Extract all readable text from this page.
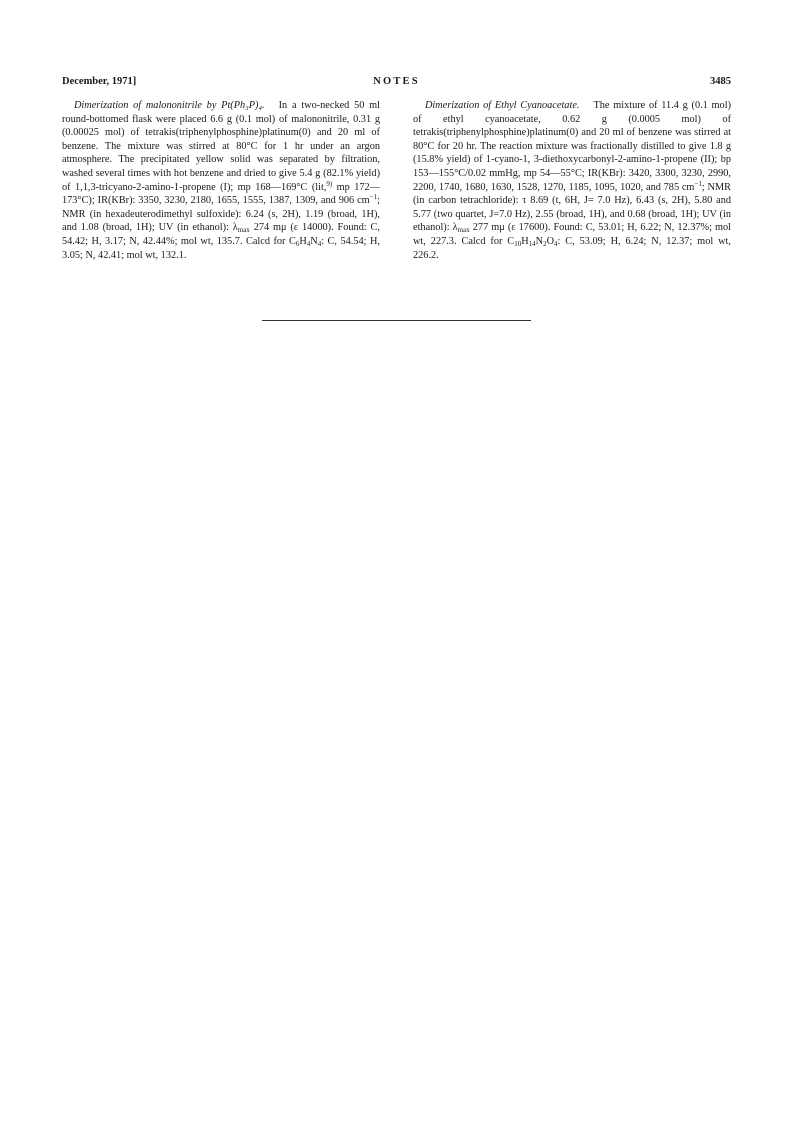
December, 1971]	NOTES	3485

Dimerization of malononitrile by Pt(Ph₃P)₄. In a two-necked 50 ml round-bottomed flask were placed 6.6 g (0.1 mol) of malononitrile, 0.31 g (0.00025 mol) of tetrakis(triphenylphosphine)platinum(0) and 20 ml of benzene. The mixture was stirred at 80°C for 1 hr under an argon atmosphere. The precipitated yellow solid was separated by filtration, washed several times with hot benzene and dried to give 5.4 g (82.1% yield) of 1,1,3-tricyano-2-amino-1-propene (I); mp 168—169°C (lit,$^{9)}$ mp 172—173°C); IR(KBr): 3350, 3230, 2180, 1655, 1555, 1387, 1309, and 906 $cm^{-1}$; NMR (in hexadeuterodimethyl sulfoxide): 6.24 (s, 2H), 1.19 (broad, 1H), and 1.08 (broad, 1H); UV (in ethanol): $\lambda_{max}$ 274 mμ (ε 14000). Found: C, 54.42; H, 3.17; N, 42.44%; mol wt, 135.7. Calcd for $C_6H_4N_4$: C, 54.54; H, 3.05; N, 42.41; mol wt, 132.1.

Dimerization of Ethyl Cyanoacetate. The mixture of 11.4 g (0.1 mol) of ethyl cyanoacetate, 0.62 g (0.0005 mol) of tetrakis(triphenylphosphine)platinum(0) and 20 ml of benzene was stirred at 80°C for 20 hr. The reaction mixture was fractionally distilled to give 1.8 g (15.8% yield) of 1-cyano-1, 3-diethoxycarbonyl-2-amino-1-propene (II); bp 153—155°C/0.02 mmHg, mp 54—55°C; IR(KBr): 3420, 3300, 3230, 2990, 2200, 1740, 1680, 1630, 1528, 1270, 1185, 1095, 1020, and 785 $cm^{-1}$; NMR (in carbon tetrachloride): τ 8.69 (t, 6H, J= 7.0 Hz), 6.43 (s, 2H), 5.80 and 5.77 (two quartet, J=7.0 Hz), 2.55 (broad, 1H), and 0.68 (broad, 1H); UV (in ethanol): $\lambda_{max}$ 277 mμ (ε 17600). Found: C, 53.01; H, 6.22; N, 12.37%; mol wt, 227.3. Calcd for $C_{10}H_{14}N_2O_4$: C, 53.09; H, 6.24; N, 12.37; mol wt, 226.2.
